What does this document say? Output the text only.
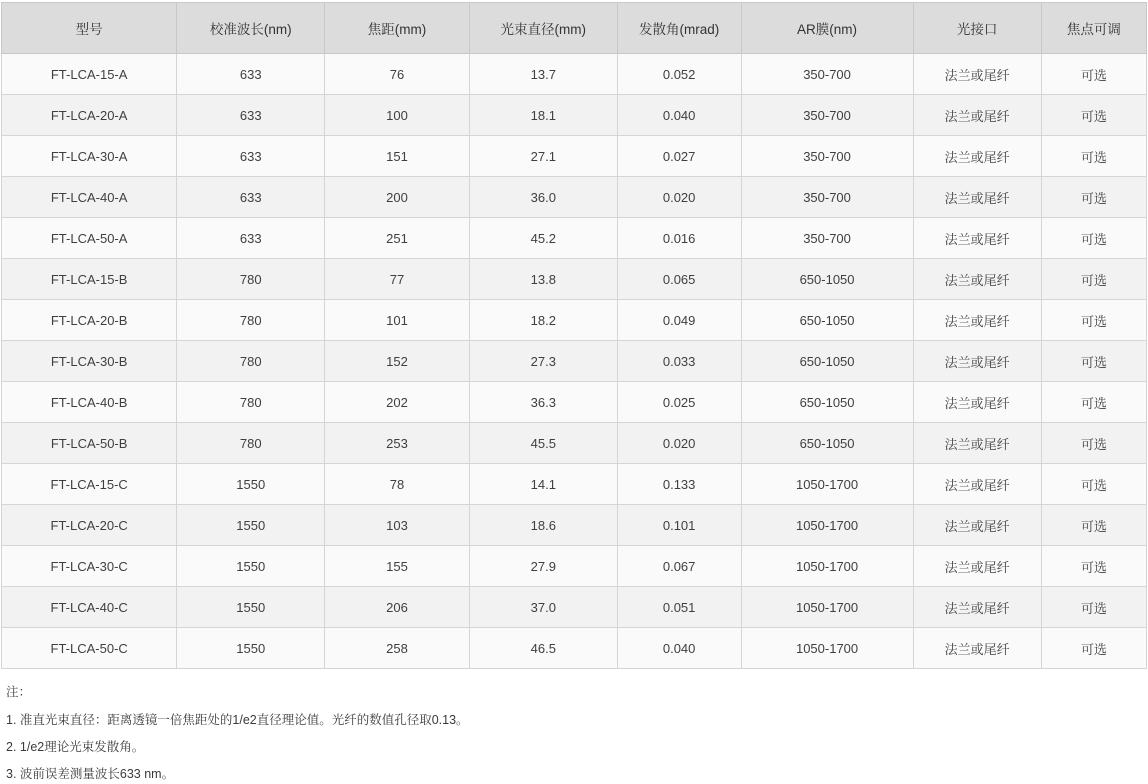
型号	校准波长(nm)	焦距(mm)	光束直径(mm)	发散角(mrad)	AR膜(nm)	光接口	焦点可调
FT-LCA-15-A	633	76	13.7	0.052	350-700	法兰或尾纤	可选
FT-LCA-20-A	633	100	18.1	0.040	350-700	法兰或尾纤	可选
FT-LCA-30-A	633	151	27.1	0.027	350-700	法兰或尾纤	可选
FT-LCA-40-A	633	200	36.0	0.020	350-700	法兰或尾纤	可选
FT-LCA-50-A	633	251	45.2	0.016	350-700	法兰或尾纤	可选
FT-LCA-15-B	780	77	13.8	0.065	650-1050	法兰或尾纤	可选
FT-LCA-20-B	780	101	18.2	0.049	650-1050	法兰或尾纤	可选
FT-LCA-30-B	780	152	27.3	0.033	650-1050	法兰或尾纤	可选
FT-LCA-40-B	780	202	36.3	0.025	650-1050	法兰或尾纤	可选
FT-LCA-50-B	780	253	45.5	0.020	650-1050	法兰或尾纤	可选
FT-LCA-15-C	1550	78	14.1	0.133	1050-1700	法兰或尾纤	可选
FT-LCA-20-C	1550	103	18.6	0.101	1050-1700	法兰或尾纤	可选
FT-LCA-30-C	1550	155	27.9	0.067	1050-1700	法兰或尾纤	可选
FT-LCA-40-C	1550	206	37.0	0.051	1050-1700	法兰或尾纤	可选
FT-LCA-50-C	1550	258	46.5	0.040	1050-1700	法兰或尾纤	可选
注：
1. 准直光束直径：距离透镜一倍焦距处的1/e2直径理论值。光纤的数值孔径取0.13。
2. 1/e2理论光束发散角。
3. 波前误差测量波长633 nm。
